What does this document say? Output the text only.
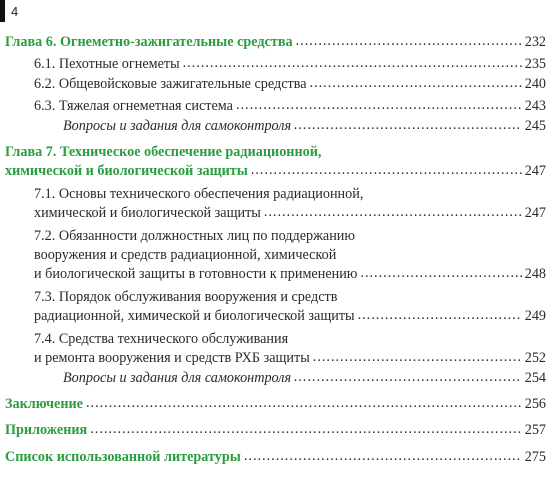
4
Глава 6. Огнеметно-зажигательные средства .....	232
6.1. Пехотные огнеметы .....	235
6.2. Общевойсковые зажигательные средства .....	240
6.3. Тяжелая огнеметная система .....	243
Вопросы и задания для самоконтроля .....	245
Глава 7. Техническое обеспечение радиационной,
химической и биологической защиты .....	247
7.1. Основы технического обеспечения радиационной,
химической и биологической защиты .....	247
7.2. Обязанности должностных лиц по поддержанию
вооружения и средств радиационной, химической
и биологической защиты в готовности к применению .....	248
7.3. Порядок обслуживания вооружения и средств
радиационной, химической и биологической защиты .....	249
7.4. Средства технического обслуживания
и ремонта вооружения и средств РХБ защиты .....	252
Вопросы и задания для самоконтроля .....	254
Заключение .....	256
Приложения .....	257
Список использованной литературы .....	275
